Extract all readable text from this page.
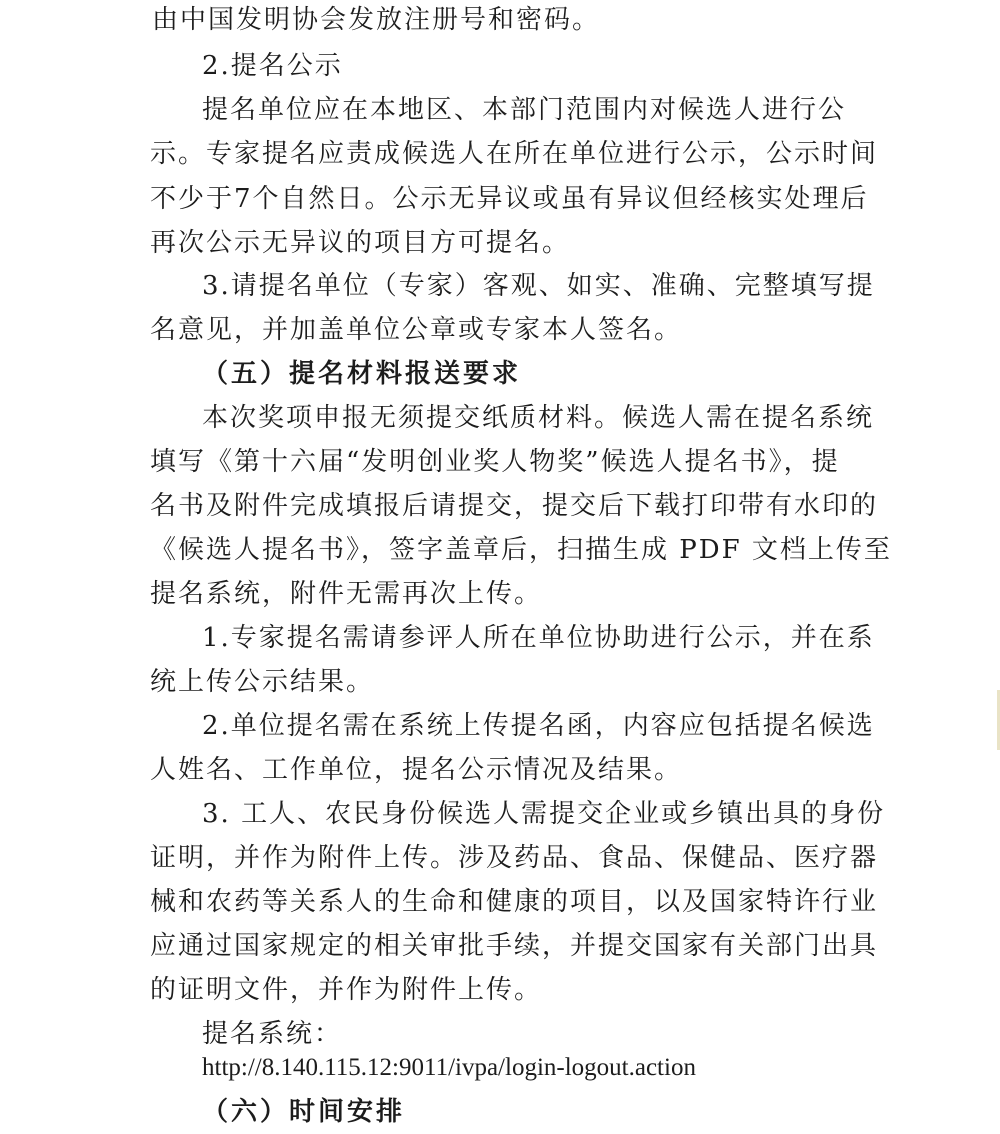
由中国发明协会发放注册号和密码。
2.提名公示
提名单位应在本地区、本部门范围内对候选人进行公
示。专家提名应责成候选人在所在单位进行公示，公示时间
不少于7个自然日。公示无异议或虽有异议但经核实处理后
再次公示无异议的项目方可提名。
3.请提名单位（专家）客观、如实、准确、完整填写提
名意见，并加盖单位公章或专家本人签名。
（五）提名材料报送要求
本次奖项申报无须提交纸质材料。候选人需在提名系统
填写《第十六届“发明创业奖人物奖”候选人提名书》，提
名书及附件完成填报后请提交，提交后下载打印带有水印的
《候选人提名书》，签字盖章后，扫描生成 PDF 文档上传至
提名系统，附件无需再次上传。
1.专家提名需请参评人所在单位协助进行公示，并在系
统上传公示结果。
2.单位提名需在系统上传提名函，内容应包括提名候选
人姓名、工作单位，提名公示情况及结果。
3. 工人、农民身份候选人需提交企业或乡镇出具的身份
证明，并作为附件上传。涉及药品、食品、保健品、医疗器
械和农药等关系人的生命和健康的项目，以及国家特许行业
应通过国家规定的相关审批手续，并提交国家有关部门出具
的证明文件，并作为附件上传。
提名系统：
http://8.140.115.12:9011/ivpa/login-logout.action
（六）时间安排
